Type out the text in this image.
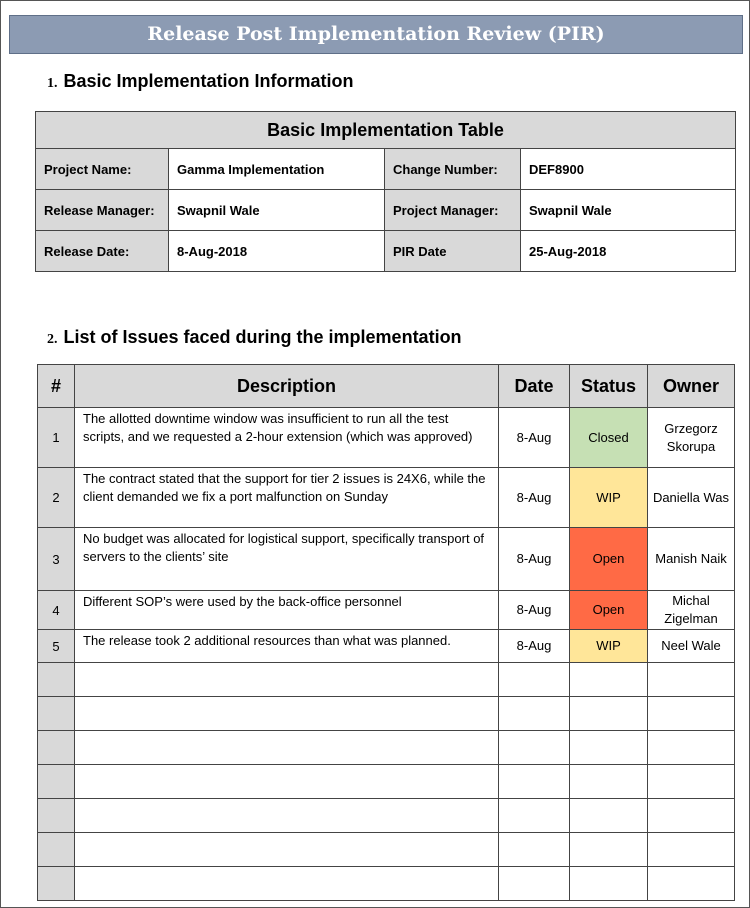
Release Post Implementation Review (PIR)
1. Basic Implementation Information
Basic Implementation Table			
Project Name:	Gamma Implementation	Change Number:	DEF8900
Release Manager:	Swapnil Wale	Project Manager:	Swapnil Wale
Release Date:	8-Aug-2018	PIR Date	25-Aug-2018
2. List of Issues faced during the implementation
#	Description	Date	Status	Owner
1	The allotted downtime window was insufficient to run all the test scripts, and we requested a 2-hour extension (which was approved)	8-Aug	Closed	Grzegorz Skorupa
2	The contract stated that the support for tier 2 issues is 24X6, while the client demanded we fix a port malfunction on Sunday	8-Aug	WIP	Daniella Was
3	No budget was allocated for logistical support, specifically transport of servers to the clients’ site	8-Aug	Open	Manish Naik
4	Different SOP’s were used by the back-office personnel	8-Aug	Open	Michal Zigelman
5	The release took 2 additional resources than what was planned.	8-Aug	WIP	Neel Wale
